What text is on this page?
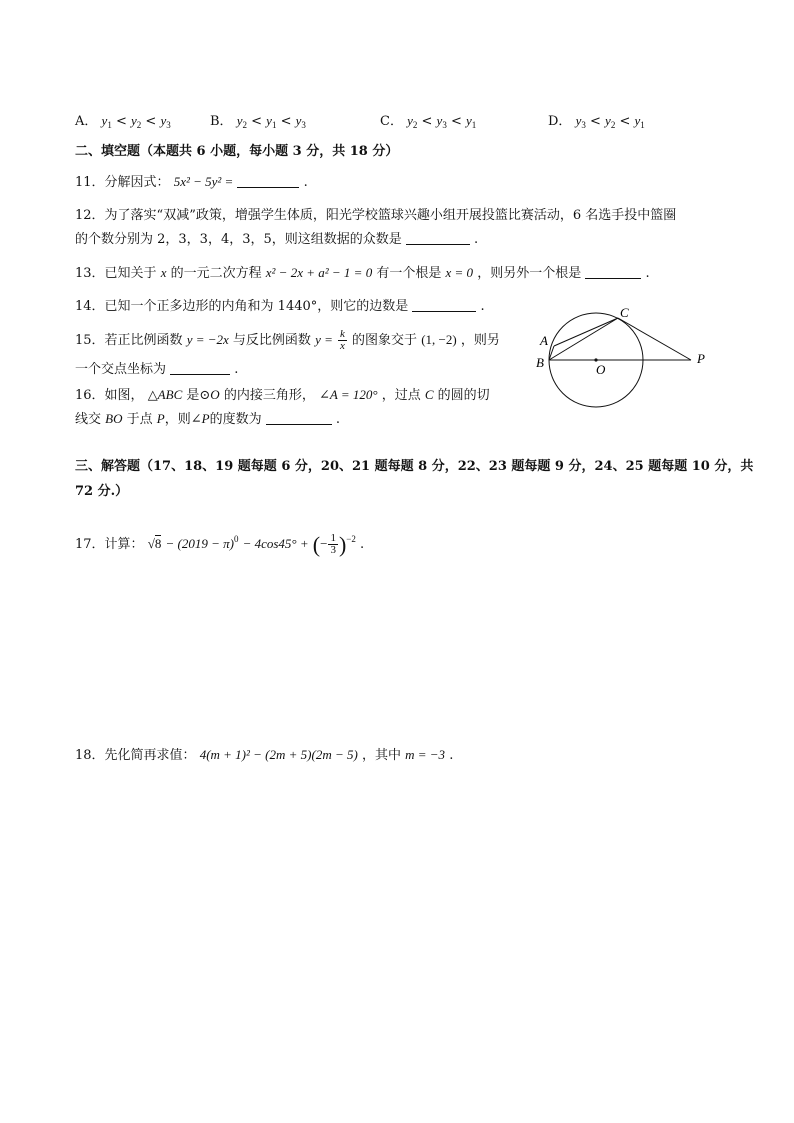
A． $y_1 < y_2 < y_3$	B． $y_2 < y_1 < y_3$	C． $y_2 < y_3 < y_1$	D． $y_3 < y_2 < y_1$
二、填空题（本题共 6 小题，每小题 3 分，共 18 分）
11．分解因式： 5x² − 5y² =	.
12．为了落实“双减”政策，增强学生体质，阳光学校篮球兴趣小组开展投篮比赛活动，6 名选手投中篮圈
的个数分别为 2，3，3，4，3，5，则这组数据的众数是	.
13．已知关于 x 的一元二次方程 x² − 2x + a² − 1 = 0 有一个根是 x = 0 ，则另外一个根是	.
14．已知一个正多边形的内角和为 1440°，则它的边数是	.
15．若正比例函数 y = −2x 与反比例函数 $y = \frac{k}{x}$ 的图象交于 (1, −2) ，则另
一个交点坐标为	.
16．如图， △ABC 是⊙O 的内接三角形， ∠A = 120° ，过点 C 的圆的切
线交 BO 于点 P，则∠P的度数为	.
A
B
C
O
P
三、解答题（17、18、19 题每题 6 分，20、21 题每题 8 分，22、23 题每题 9 分，24、25 题每题 10 分，共
72 分.）
17．计算： $√8 - (2019 - \pi)^0 - 4\cos 45^\circ$ + (− $\frac{1}{3} )^{-2}$ .
18．先化简再求值： 4(m + 1)² − (2m + 5)(2m − 5) ，其中 m = −3 .
